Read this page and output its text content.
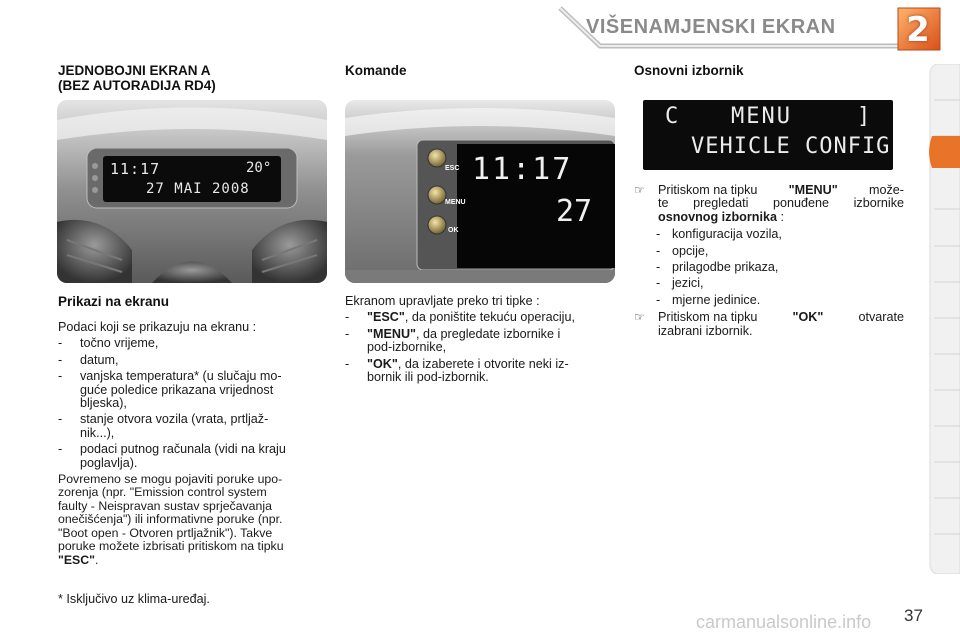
VIŠENAMJENSKI EKRAN 2
JEDNOBOJNI EKRAN A
(BEZ AUTORADIJA RD4)
11:17	20°
27 MAI 2008
Prikazi na ekranu
Podaci koji se prikazuju na ekranu :
-	točno vrijeme,
-	datum,
-	vanjska temperatura* (u slučaju mo-
guće poledice prikazana vrijednost
bljeska),
-	stanje otvora vozila (vrata, prtljaž-
nik...),
-	podaci putnog računala (vidi na kraju
poglavlja).
Povremeno se mogu pojaviti poruke upo-
zorenja (npr. "Emission control system
faulty - Neispravan sustav sprječavanja
onečišćenja") ili informativne poruke (npr.
"Boot open - Otvoren prtljažnik"). Takve
poruke možete izbrisati pritiskom na tipku
"ESC".
* Isključivo uz klima-uređaj.
Komande
ESC
MENU
OK
11:17
27
Ekranom upravljate preko tri tipke :
-	"ESC", da poništite tekuću operaciju,
-	"MENU", da pregledate izbornike i
pod-izbornike,
-	"OK", da izaberete i otvorite neki iz-
bornik ili pod-izbornik.
Osnovni izbornik
C MENU	]
VEHICLE CONFIG
☞	Pritiskom na tipku "MENU" može-
te pregledati ponuđene izbornike
osnovnog izbornika :
- konfiguracija vozila,
- opcije,
- prilagodbe prikaza,
- jezici,
- mjerne jedinice.
☞	Pritiskom na tipku	"OK"	otvarate
izabrani izbornik.
carmanualsonline.info 37
